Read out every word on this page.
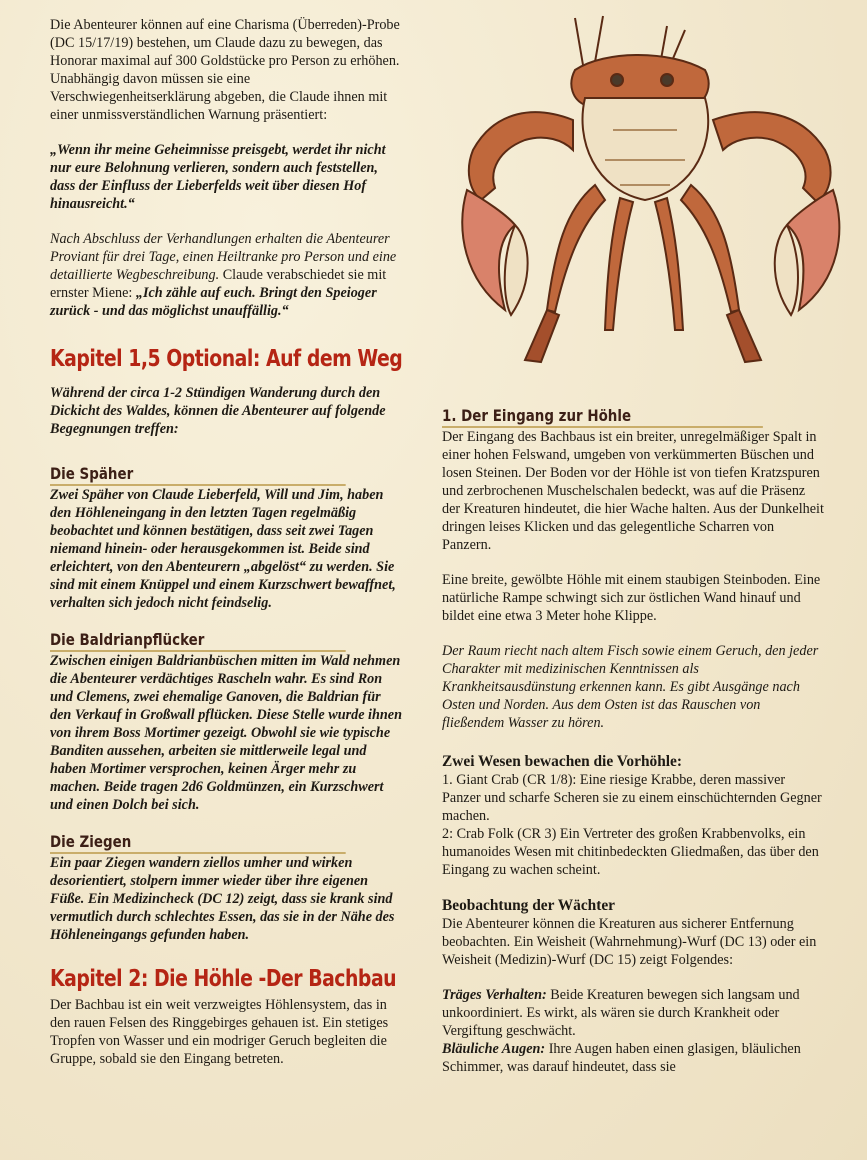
Die Abenteurer können auf eine Charisma (Überreden)-Probe (DC 15/17/19) bestehen, um Claude dazu zu bewegen, das Honorar maximal auf 300 Goldstücke pro Person zu erhöhen. Unabhängig davon müssen sie eine Verschwiegenheitserklärung abgeben, die Claude ihnen mit einer unmissverständlichen Warnung präsentiert:

„Wenn ihr meine Geheimnisse preisgebt, werdet ihr nicht nur eure Belohnung verlieren, sondern auch feststellen, dass der Einfluss der Lieberfelds weit über diesen Hof hinausreicht.“

Nach Abschluss der Verhandlungen erhalten die Abenteurer Proviant für drei Tage, einen Heiltranke pro Person und eine detaillierte Wegbeschreibung. Claude verabschiedet sie mit ernster Miene: „Ich zähle auf euch. Bringt den Speioger zurück - und das möglichst unauffällig.“

Kapitel 1,5 Optional: Auf dem Weg

Während der circa 1-2 Stündigen Wanderung durch den Dickicht des Waldes, können die Abenteurer auf folgende Begegnungen treffen:

Die Späher

Zwei Späher von Claude Lieberfeld, Will und Jim, haben den Höhleneingang in den letzten Tagen regelmäßig beobachtet und können bestätigen, dass seit zwei Tagen niemand hinein- oder herausgekommen ist. Beide sind erleichtert, von den Abenteurern „abgelöst“ zu werden. Sie sind mit einem Knüppel und einem Kurzschwert bewaffnet, verhalten sich jedoch nicht feindselig.

Die Baldrianpflücker

Zwischen einigen Baldrianbüschen mitten im Wald nehmen die Abenteurer verdächtiges Rascheln wahr. Es sind Ron und Clemens, zwei ehemalige Ganoven, die Baldrian für den Verkauf in Großwall pflücken. Diese Stelle wurde ihnen von ihrem Boss Mortimer gezeigt. Obwohl sie wie typische Banditen aussehen, arbeiten sie mittlerweile legal und haben Mortimer versprochen, keinen Ärger mehr zu machen. Beide tragen 2d6 Goldmünzen, ein Kurzschwert und einen Dolch bei sich.

Die Ziegen

Ein paar Ziegen wandern ziellos umher und wirken desorientiert, stolpern immer wieder über ihre eigenen Füße. Ein Medizincheck (DC 12) zeigt, dass sie krank sind vermutlich durch schlechtes Essen, das sie in der Nähe des Höhleneingangs gefunden haben.

Kapitel 2: Die Höhle -Der Bachbau

Der Bachbau ist ein weit verzweigtes Höhlensystem, das in den rauen Felsen des Ringgebirges gehauen ist. Ein stetiges Tropfen von Wasser und ein modriger Geruch begleiten die Gruppe, sobald sie den Eingang betreten.

1. Der Eingang zur Höhle

Der Eingang des Bachbaus ist ein breiter, unregelmäßiger Spalt in einer hohen Felswand, umgeben von verkümmerten Büschen und losen Steinen. Der Boden vor der Höhle ist von tiefen Kratzspuren und zerbrochenen Muschelschalen bedeckt, was auf die Präsenz der Kreaturen hindeutet, die hier Wache halten. Aus der Dunkelheit dringen leises Klicken und das gelegentliche Scharren von Panzern.

Eine breite, gewölbte Höhle mit einem staubigen Steinboden. Eine natürliche Rampe schwingt sich zur östlichen Wand hinauf und bildet eine etwa 3 Meter hohe Klippe.

Der Raum riecht nach altem Fisch sowie einem Geruch, den jeder Charakter mit medizinischen Kenntnissen als Krankheitsausdünstung erkennen kann. Es gibt Ausgänge nach Osten und Norden. Aus dem Osten ist das Rauschen von fließendem Wasser zu hören.

Zwei Wesen bewachen die Vorhöhle:

1. Giant Crab (CR 1/8): Eine riesige Krabbe, deren massiver Panzer und scharfe Scheren sie zu einem einschüchternden Gegner machen.

2: Crab Folk (CR 3) Ein Vertreter des großen Krabbenvolks, ein humanoides Wesen mit chitinbedeckten Gliedmaßen, das über den Eingang zu wachen scheint.

Beobachtung der Wächter

Die Abenteurer können die Kreaturen aus sicherer Entfernung beobachten. Ein Weisheit (Wahrnehmung)-Wurf (DC 13) oder ein Weisheit (Medizin)-Wurf (DC 15) zeigt Folgendes:

Träges Verhalten: Beide Kreaturen bewegen sich langsam und unkoordiniert. Es wirkt, als wären sie durch Krankheit oder Vergiftung geschwächt.

Bläuliche Augen: Ihre Augen haben einen glasigen, bläulichen Schimmer, was darauf hindeutet, dass sie
